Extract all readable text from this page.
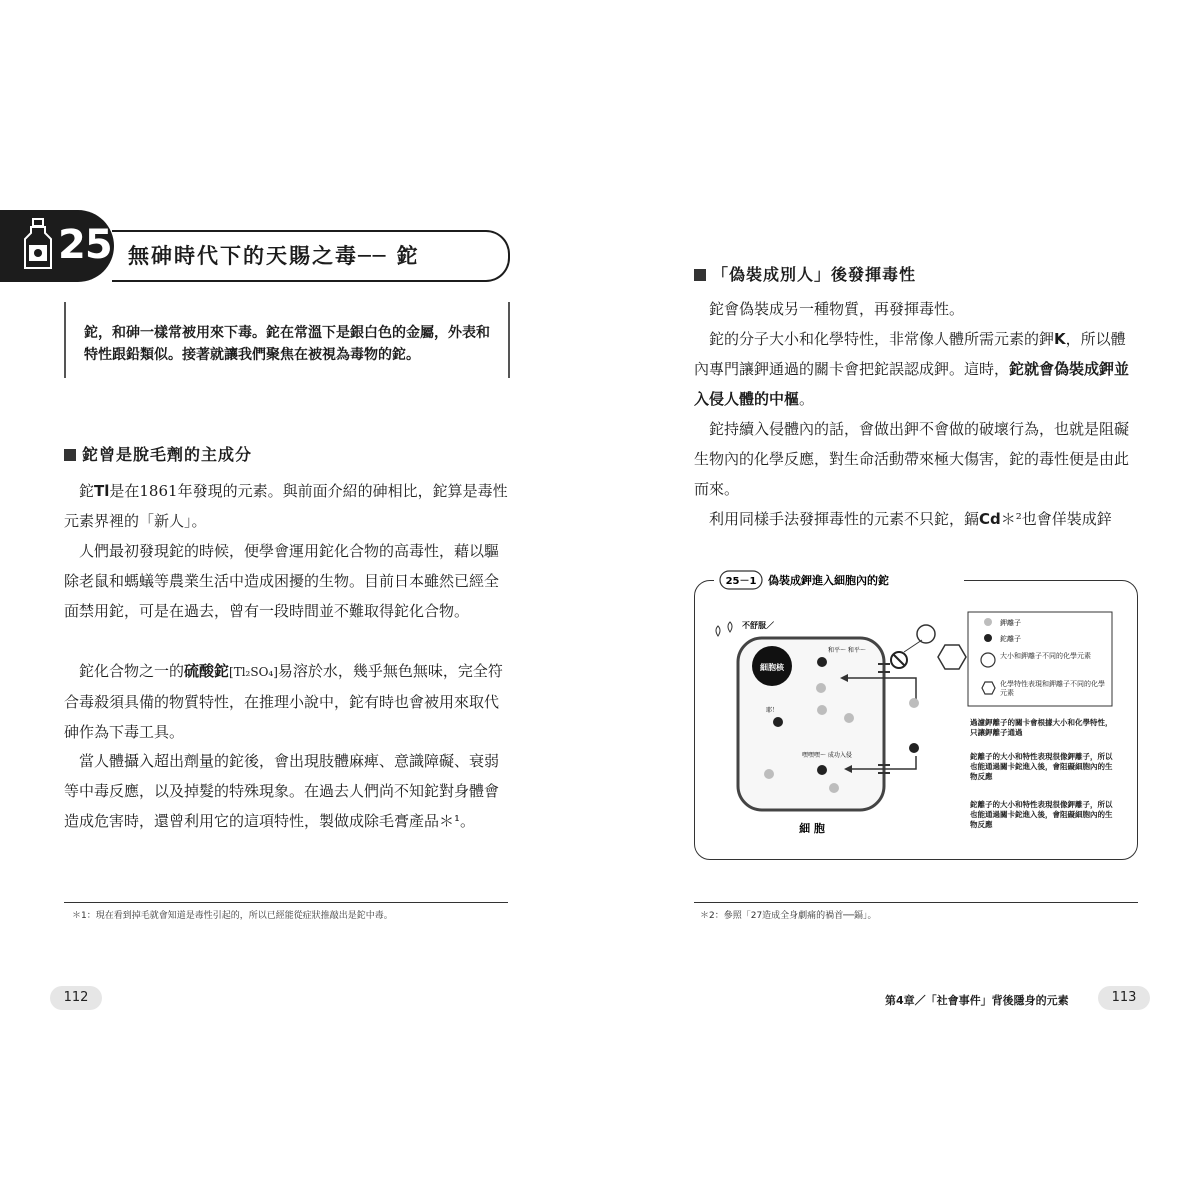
25 無砷時代下的天賜之毒── 鉈
鉈，和砷一樣常被用來下毒。鉈在常溫下是銀白色的金屬，外表和特性跟鉛類似。接著就讓我們聚焦在被視為毒物的鉈。
鉈曾是脫毛劑的主成分
鉈Tl是在1861年發現的元素。與前面介紹的砷相比，鉈算是毒性元素界裡的「新人」。
人們最初發現鉈的時候，便學會運用鉈化合物的高毒性，藉以驅除老鼠和螞蟻等農業生活中造成困擾的生物。目前日本雖然已經全面禁用鉈，可是在過去，曾有一段時間並不難取得鉈化合物。
鉈化合物之一的硫酸鉈[Tl₂SO₄]易溶於水，幾乎無色無味，完全符合毒殺須具備的物質特性，在推理小說中，鉈有時也會被用來取代砷作為下毒工具。
當人體攝入超出劑量的鉈後，會出現肢體麻痺、意識障礙、衰弱等中毒反應，以及掉髮的特殊現象。在過去人們尚不知鉈對身體會造成危害時，還曾利用它的這項特性，製做成除毛膏產品＊¹。
＊1：現在看到掉毛就會知道是毒性引起的，所以已經能從症狀推敲出是鉈中毒。
112
「偽裝成別人」後發揮毒性
鉈會偽裝成另一種物質，再發揮毒性。
鉈的分子大小和化學特性，非常像人體所需元素的鉀K，所以體內專門讓鉀通過的關卡會把鉈誤認成鉀。這時，鉈就會偽裝成鉀並入侵人體的中樞。
鉈持續入侵體內的話，會做出鉀不會做的破壞行為，也就是阻礙生物內的化學反應，對生命活動帶來極大傷害，鉈的毒性便是由此而來。
利用同樣手法發揮毒性的元素不只鉈，鎘Cd＊²也會佯裝成鋅
25－1 偽裝成鉀進入細胞內的鉈
細胞核
細 胞
不舒服／
和平～ 和平～
耶！
嘿嘿嘿～ 成功入侵
鉀離子
鉈離子
大小和鉀離子不同的化學元素
化學特性表現和鉀離子不同的化學元素
過濾鉀離子的關卡會根據大小和化學特性，只讓鉀離子通過
鉈離子的大小和特性表現很像鉀離子，所以也能通過關卡鉈進入後，會阻礙細胞內的生物反應
鉈離子的大小和特性表現很像鉀離子，所以也能通過關卡鉈進入後，會阻礙細胞內的生物反應
＊2：參照「27造成全身劇痛的禍首──鎘」。
第4章／「社會事件」背後隱身的元素	113
